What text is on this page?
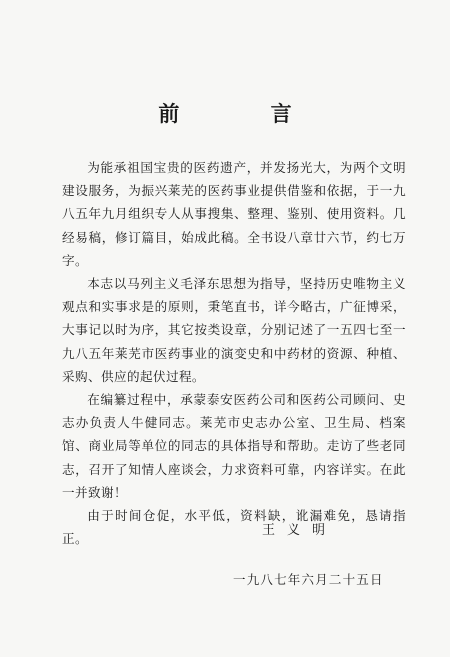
前 言

为能承祖国宝贵的医药遗产，并发扬光大，为两个文明建设服务，为振兴莱芜的医药事业提供借鉴和依据，于一九八五年九月组织专人从事搜集、整理、鉴别、使用资料。几经易稿，修订篇目，始成此稿。全书设八章廿六节，约七万字。

本志以马列主义毛泽东思想为指导，坚持历史唯物主义观点和实事求是的原则，秉笔直书，详今略古，广征博采，大事记以时为序，其它按类设章，分别记述了一五四七至一九八五年莱芜市医药事业的演变史和中药材的资源、种植、采购、供应的起伏过程。

在编纂过程中，承蒙泰安医药公司和医药公司顾问、史志办负责人牛健同志。莱芜市史志办公室、卫生局、档案馆、商业局等单位的同志的具体指导和帮助。走访了些老同志，召开了知情人座谈会，力求资料可靠，内容详实。在此一并致谢！

由于时间仓促，水平低，资料缺，讹漏难免，恳请指正。

王义明
一九八七年六月二十五日
